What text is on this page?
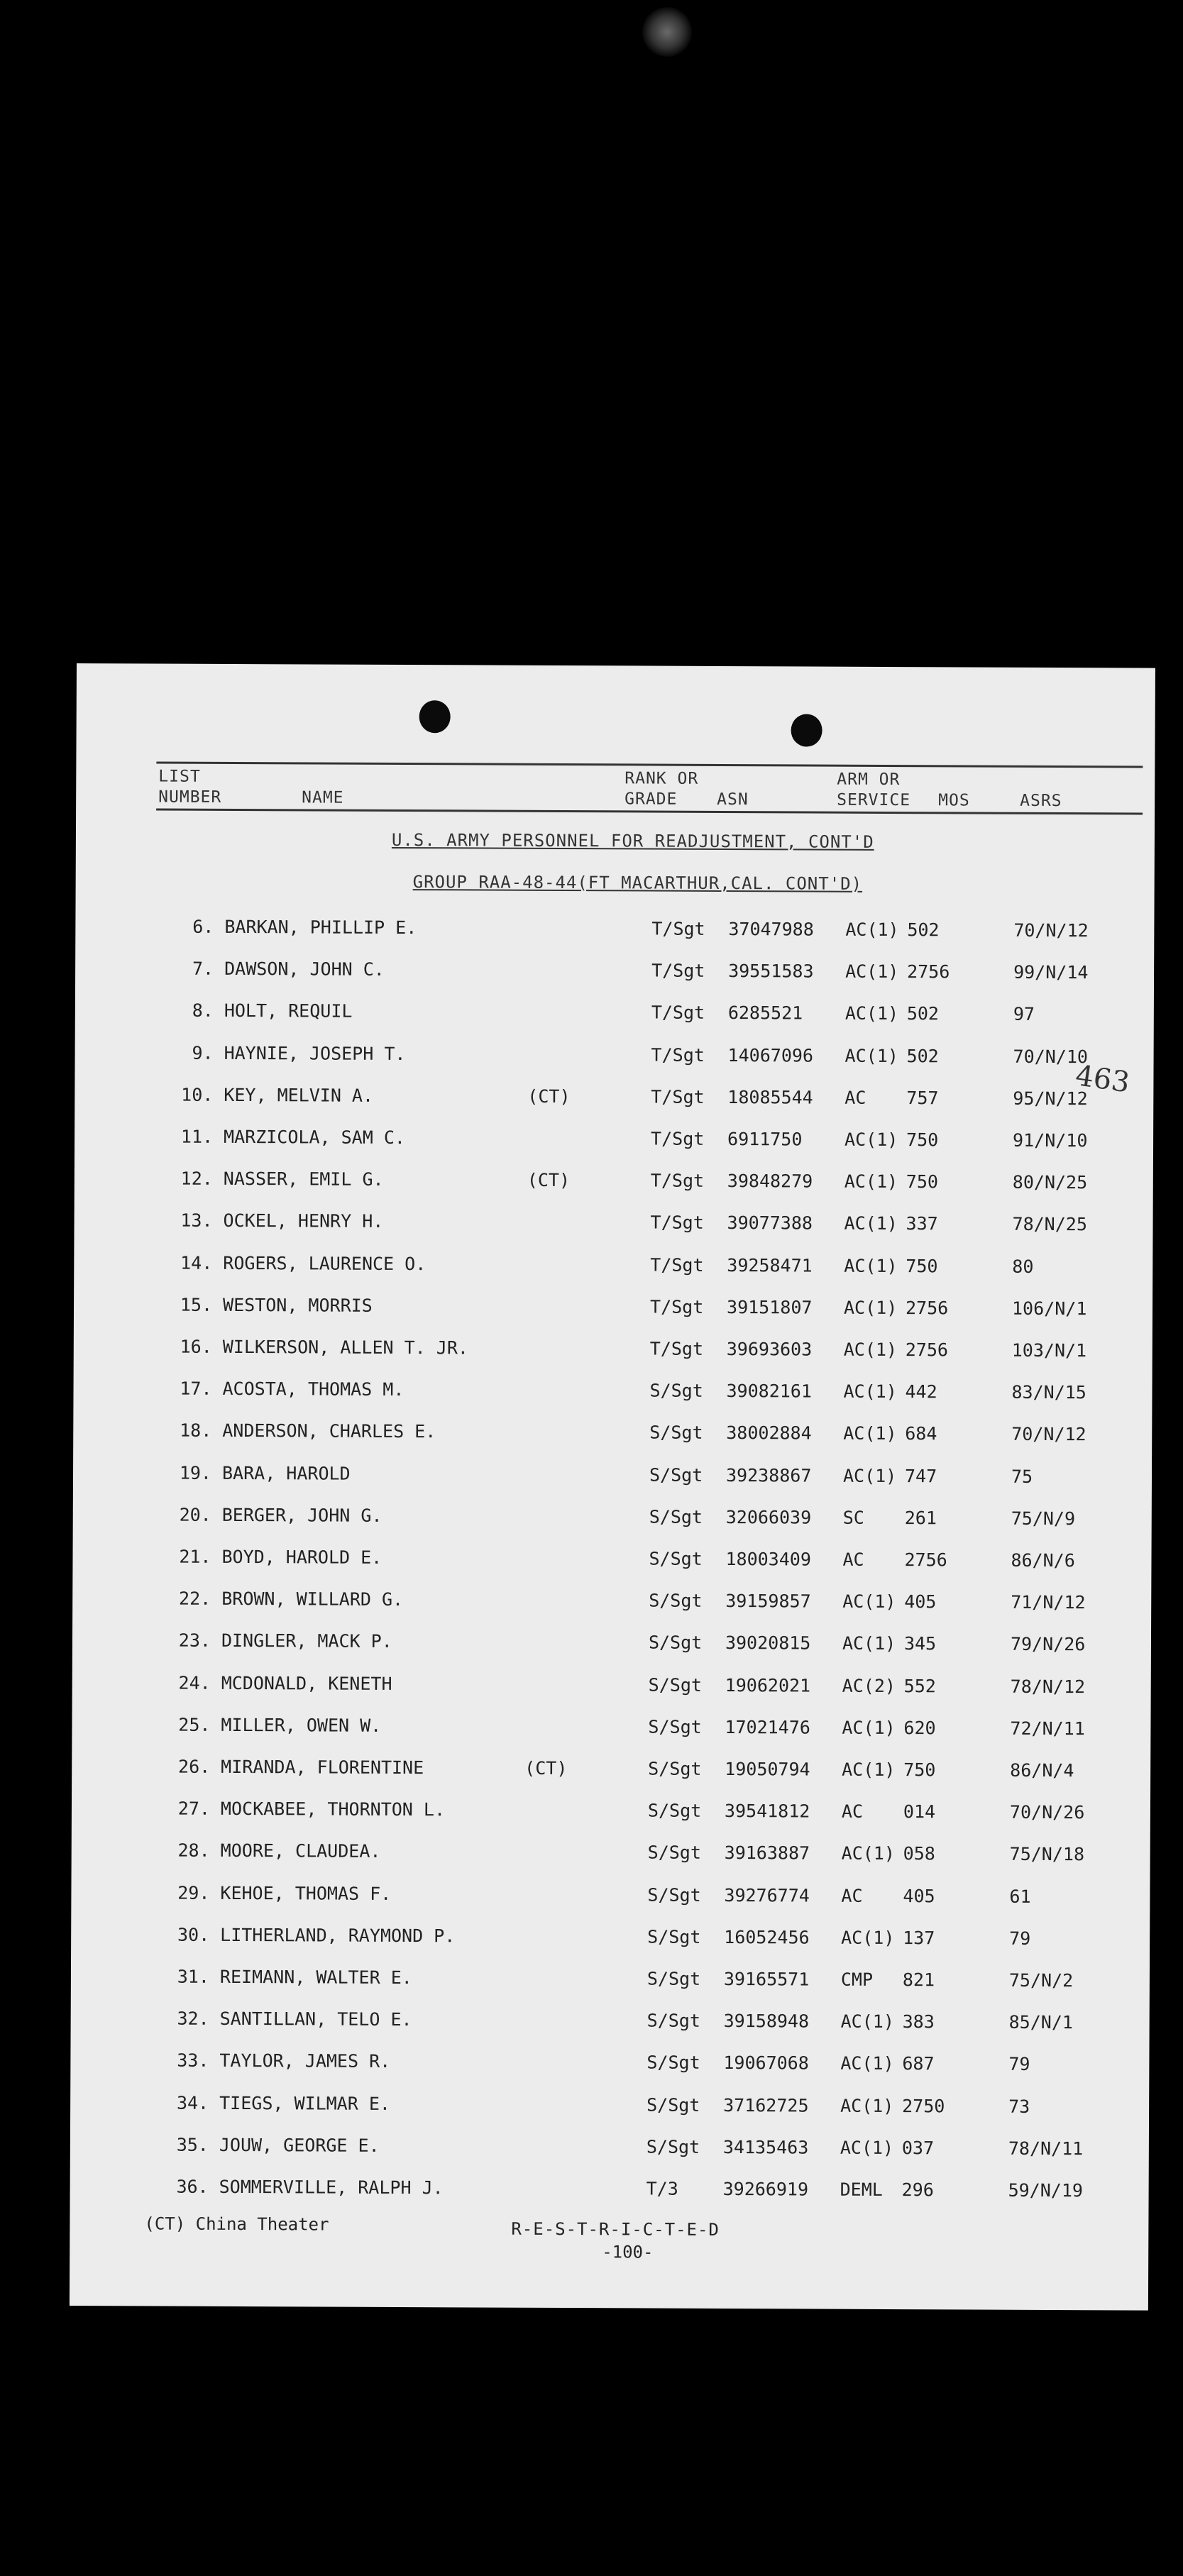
LIST
NUMBER	NAME
RANK OR
GRADE ASN
ARM OR
SERVICE MOS	ASRS
U.S. ARMY PERSONNEL FOR READJUSTMENT, CONT'D
GROUP RAA-48-44(FT MACARTHUR,CAL. CONT'D)
463
6. BARKAN, PHILLIP E.	T/Sgt 37047988 AC(1) 502	70/N/12
7. DAWSON, JOHN C.	T/Sgt 39551583 AC(1) 2756	99/N/14
8. HOLT, REQUIL	T/Sgt 6285521 AC(1) 502	97
9. HAYNIE, JOSEPH T.	T/Sgt 14067096 AC(1) 502	70/N/10
10. KEY, MELVIN A.	(CT)	T/Sgt 18085544 AC 757	95/N/12
11. MARZICOLA, SAM C.	T/Sgt 6911750 AC(1) 750	91/N/10
12. NASSER, EMIL G.	(CT)	T/Sgt 39848279 AC(1) 750	80/N/25
13. OCKEL, HENRY H.	T/Sgt 39077388 AC(1) 337	78/N/25
14. ROGERS, LAURENCE O.	T/Sgt 39258471 AC(1) 750	80
15. WESTON, MORRIS	T/Sgt 39151807 AC(1) 2756	106/N/1
16. WILKERSON, ALLEN T. JR.	T/Sgt 39693603 AC(1) 2756	103/N/1
17. ACOSTA, THOMAS M.	S/Sgt 39082161 AC(1) 442	83/N/15
18. ANDERSON, CHARLES E.	S/Sgt 38002884 AC(1) 684	70/N/12
19. BARA, HAROLD	S/Sgt 39238867 AC(1) 747	75
20. BERGER, JOHN G.	S/Sgt 32066039 SC 261	75/N/9
21. BOYD, HAROLD E.	S/Sgt 18003409 AC 2756	86/N/6
22. BROWN, WILLARD G.	S/Sgt 39159857 AC(1) 405	71/N/12
23. DINGLER, MACK P.	S/Sgt 39020815 AC(1) 345	79/N/26
24. MCDONALD, KENETH	S/Sgt 19062021 AC(2) 552	78/N/12
25. MILLER, OWEN W.	S/Sgt 17021476 AC(1) 620	72/N/11
26. MIRANDA, FLORENTINE	(CT)	S/Sgt 19050794 AC(1) 750	86/N/4
27. MOCKABEE, THORNTON L.	S/Sgt 39541812 AC 014	70/N/26
28. MOORE, CLAUDEA.	S/Sgt 39163887 AC(1) 058	75/N/18
29. KEHOE, THOMAS F.	S/Sgt 39276774 AC 405	61
30. LITHERLAND, RAYMOND P.	S/Sgt 16052456 AC(1) 137	79
31. REIMANN, WALTER E.	S/Sgt 39165571 CMP 821	75/N/2
32. SANTILLAN, TELO E.	S/Sgt 39158948 AC(1) 383	85/N/1
33. TAYLOR, JAMES R.	S/Sgt 19067068 AC(1) 687	79
34. TIEGS, WILMAR E.	S/Sgt 37162725 AC(1) 2750	73
35. JOUW, GEORGE E.	S/Sgt 34135463 AC(1) 037	78/N/11
36. SOMMERVILLE, RALPH J.	T/3	39266919 DEML 296	59/N/19
(CT) China Theater	R-E-S-T-R-I-C-T-E-D
-100-
